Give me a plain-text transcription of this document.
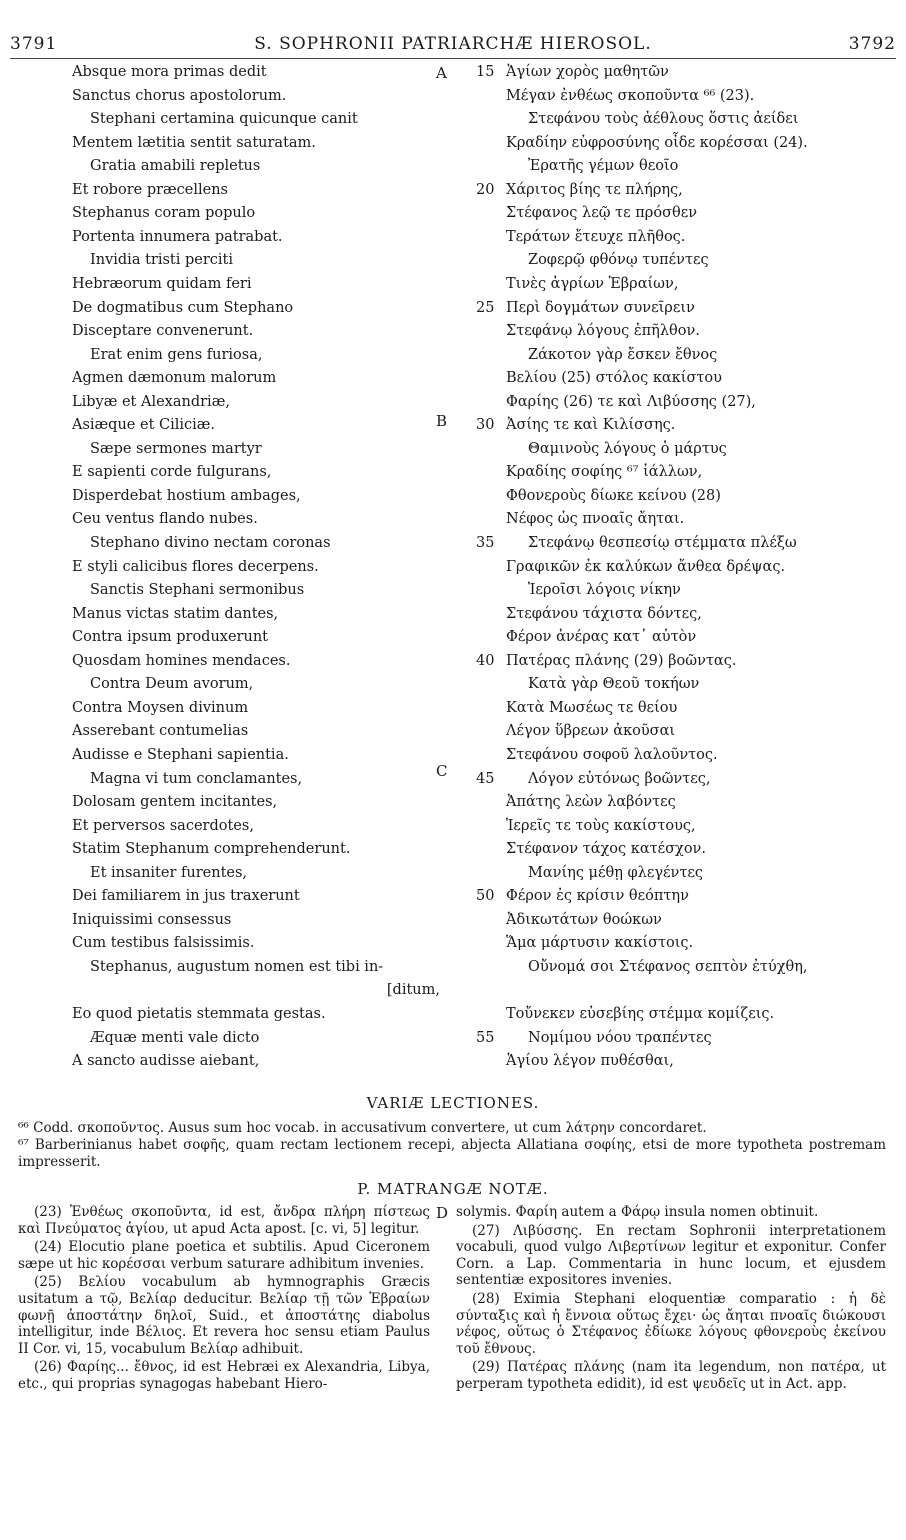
3791	S. SOPHRONII PATRIARCHÆ HIEROSOL.	3792
Absque mora primas dedit
Sanctus chorus apostolorum.
Stephani certamina quicunque canit
Mentem lætitia sentit saturatam.
Gratia amabili repletus
Et robore præcellens
Stephanus coram populo
Portenta innumera patrabat.
Invidia tristi perciti
Hebræorum quidam feri
De dogmatibus cum Stephano
Disceptare convenerunt.
Erat enim gens furiosa,
Agmen dæmonum malorum
Libyæ et Alexandriæ,
Asiæque et Ciliciæ.
Sæpe sermones martyr
E sapienti corde fulgurans,
Disperdebat hostium ambages,
Ceu ventus flando nubes.
Stephano divino nectam coronas
E styli calicibus flores decerpens.
Sanctis Stephani sermonibus
Manus victas statim dantes,
Contra ipsum produxerunt
Quosdam homines mendaces.
Contra Deum avorum,
Contra Moysen divinum
Asserebant contumelias
Audisse e Stephani sapientia.
Magna vi tum conclamantes,
Dolosam gentem incitantes,
Et perversos sacerdotes,
Statim Stephanum comprehenderunt.
Et insaniter furentes,
Dei familiarem in jus traxerunt
Iniquissimi consessus
Cum testibus falsissimis.
Stephanus, augustum nomen est tibi in-
[ditum,
Eo quod pietatis stemmata gestas.
Æquæ menti vale dicto
A sancto audisse aiebant,
15 Ἁγίων χορὸς μαθητῶν
Μέγαν ἐνθέως σκοποῦντα ⁶⁶ (23).
Στεφάνου τοὺς ἀέθλους ὅστις ἀείδει
Κραδίην εὐφροσύνης οἶδε κορέσσαι (24).
Ἐρατῆς γέμων θεοῖο
20 Χάριτος βίης τε πλήρης,
Στέφανος λεῷ τε πρόσθεν
Τεράτων ἔτευχε πλῆθος.
Ζοφερῷ φθόνῳ τυπέντες
Τινὲς ἀγρίων Ἑβραίων,
25 Περὶ δογμάτων συνεῖρειν
Στεφάνῳ λόγους ἐπῆλθον.
Ζάκοτον γὰρ ἔσκεν ἔθνος
Βελίου (25) στόλος κακίστου
Φαρίης (26) τε καὶ Λιβύσσης (27),
30 Ἀσίης τε καὶ Κιλίσσης.
Θαμινοὺς λόγους ὁ μάρτυς
Κραδίης σοφίης ⁶⁷ ἰάλλων,
Φθονεροὺς δίωκε κείνου (28)
Νέφος ὡς πνοαῖς ἄηται.
35 Στεφάνῳ θεσπεσίῳ στέμματα πλέξω
Γραφικῶν ἐκ καλύκων ἄνθεα δρέψας.
Ἱεροῖσι λόγοις νίκην
Στεφάνου τάχιστα δόντες,
Φέρον ἀνέρας κατ᾽ αὐτὸν
40 Πατέρας πλάνης (29) βοῶντας.
Κατὰ γὰρ Θεοῦ τοκήων
Κατὰ Μωσέως τε θείου
Λέγον ὕβρεων ἀκοῦσαι
Στεφάνου σοφοῦ λαλοῦντος.
45 Λόγον εὐτόνως βοῶντες,
Ἀπάτης λεὼν λαβόντες
Ἱερεῖς τε τοὺς κακίστους,
Στέφανον τάχος κατέσχον.
Μανίης μέθῃ φλεγέντες
50 Φέρον ἐς κρίσιν θεόπτην
Ἀδικωτάτων θοώκων
Ἅμα μάρτυσιν κακίστοις.
Οὔνομά σοι Στέφανος σεπτὸν ἐτύχθη,
Τοὔνεκεν εὐσεβίης στέμμα κομίζεις.
55 Νομίμου νόου τραπέντες
Ἁγίου λέγον πυθέσθαι,
A
B
C
VARIÆ LECTIONES.

⁶⁶ Codd. σκοποῦντος. Ausus sum hoc vocab. in accusativum convertere, ut cum λάτρην concordaret.

⁶⁷ Barberinianus habet σοφῆς, quam rectam lectionem recepi, abjecta Allatiana σοφίης, etsi de more typotheta postremam impresserit.

P. MATRANGÆ NOTÆ.

(23) Ἐνθέως σκοποῦντα, id est, ἄνδρα πλήρη πίστεως καὶ Πνεύματος ἁγίου, ut apud Acta apost. [c. vi, 5] legitur.

(24) Elocutio plane poetica et subtilis. Apud Ciceronem sæpe ut hic κορέσσαι verbum saturare adhibitum invenies.

(25) Βελίου vocabulum ab hymnographis Græcis usitatum a τῷ, Βελίαρ deducitur. Βελίαρ τῇ τῶν Ἑβραίων φωνῇ ἀποστάτην δηλοῖ, Suid., et ἀποστάτης diabolus intelligitur, inde Βέλιος. Et revera hoc sensu etiam Paulus II Cor. vi, 15, vocabulum Βελίαρ adhibuit.

(26) Φαρίης... ἔθνος, id est Hebræi ex Alexandria, Libya, etc., qui proprias synagogas habebant Hiero-

D solymis. Φαρίη autem a Φάρῳ insula nomen obtinuit.

(27) Λιβύσσης. En rectam Sophronii interpretationem vocabuli, quod vulgo Λιβερτίνων legitur et exponitur. Confer Corn. a Lap. Commentaria in hunc locum, et ejusdem sententiæ expositores invenies.

(28) Eximia Stephani eloquentiæ comparatio : ἡ δὲ σύνταξις καὶ ἡ ἔννοια οὕτως ἔχει· ὡς ἄηται πνοαῖς διώκουσι νέφος, οὕτως ὁ Στέφανος ἐδίωκε λόγους φθονεροὺς ἐκείνου τοῦ ἔθνους.

(29) Πατέρας πλάνης (nam ita legendum, non πατέρα, ut perperam typotheta edidit), id est ψευδεῖς ut in Act. app.
